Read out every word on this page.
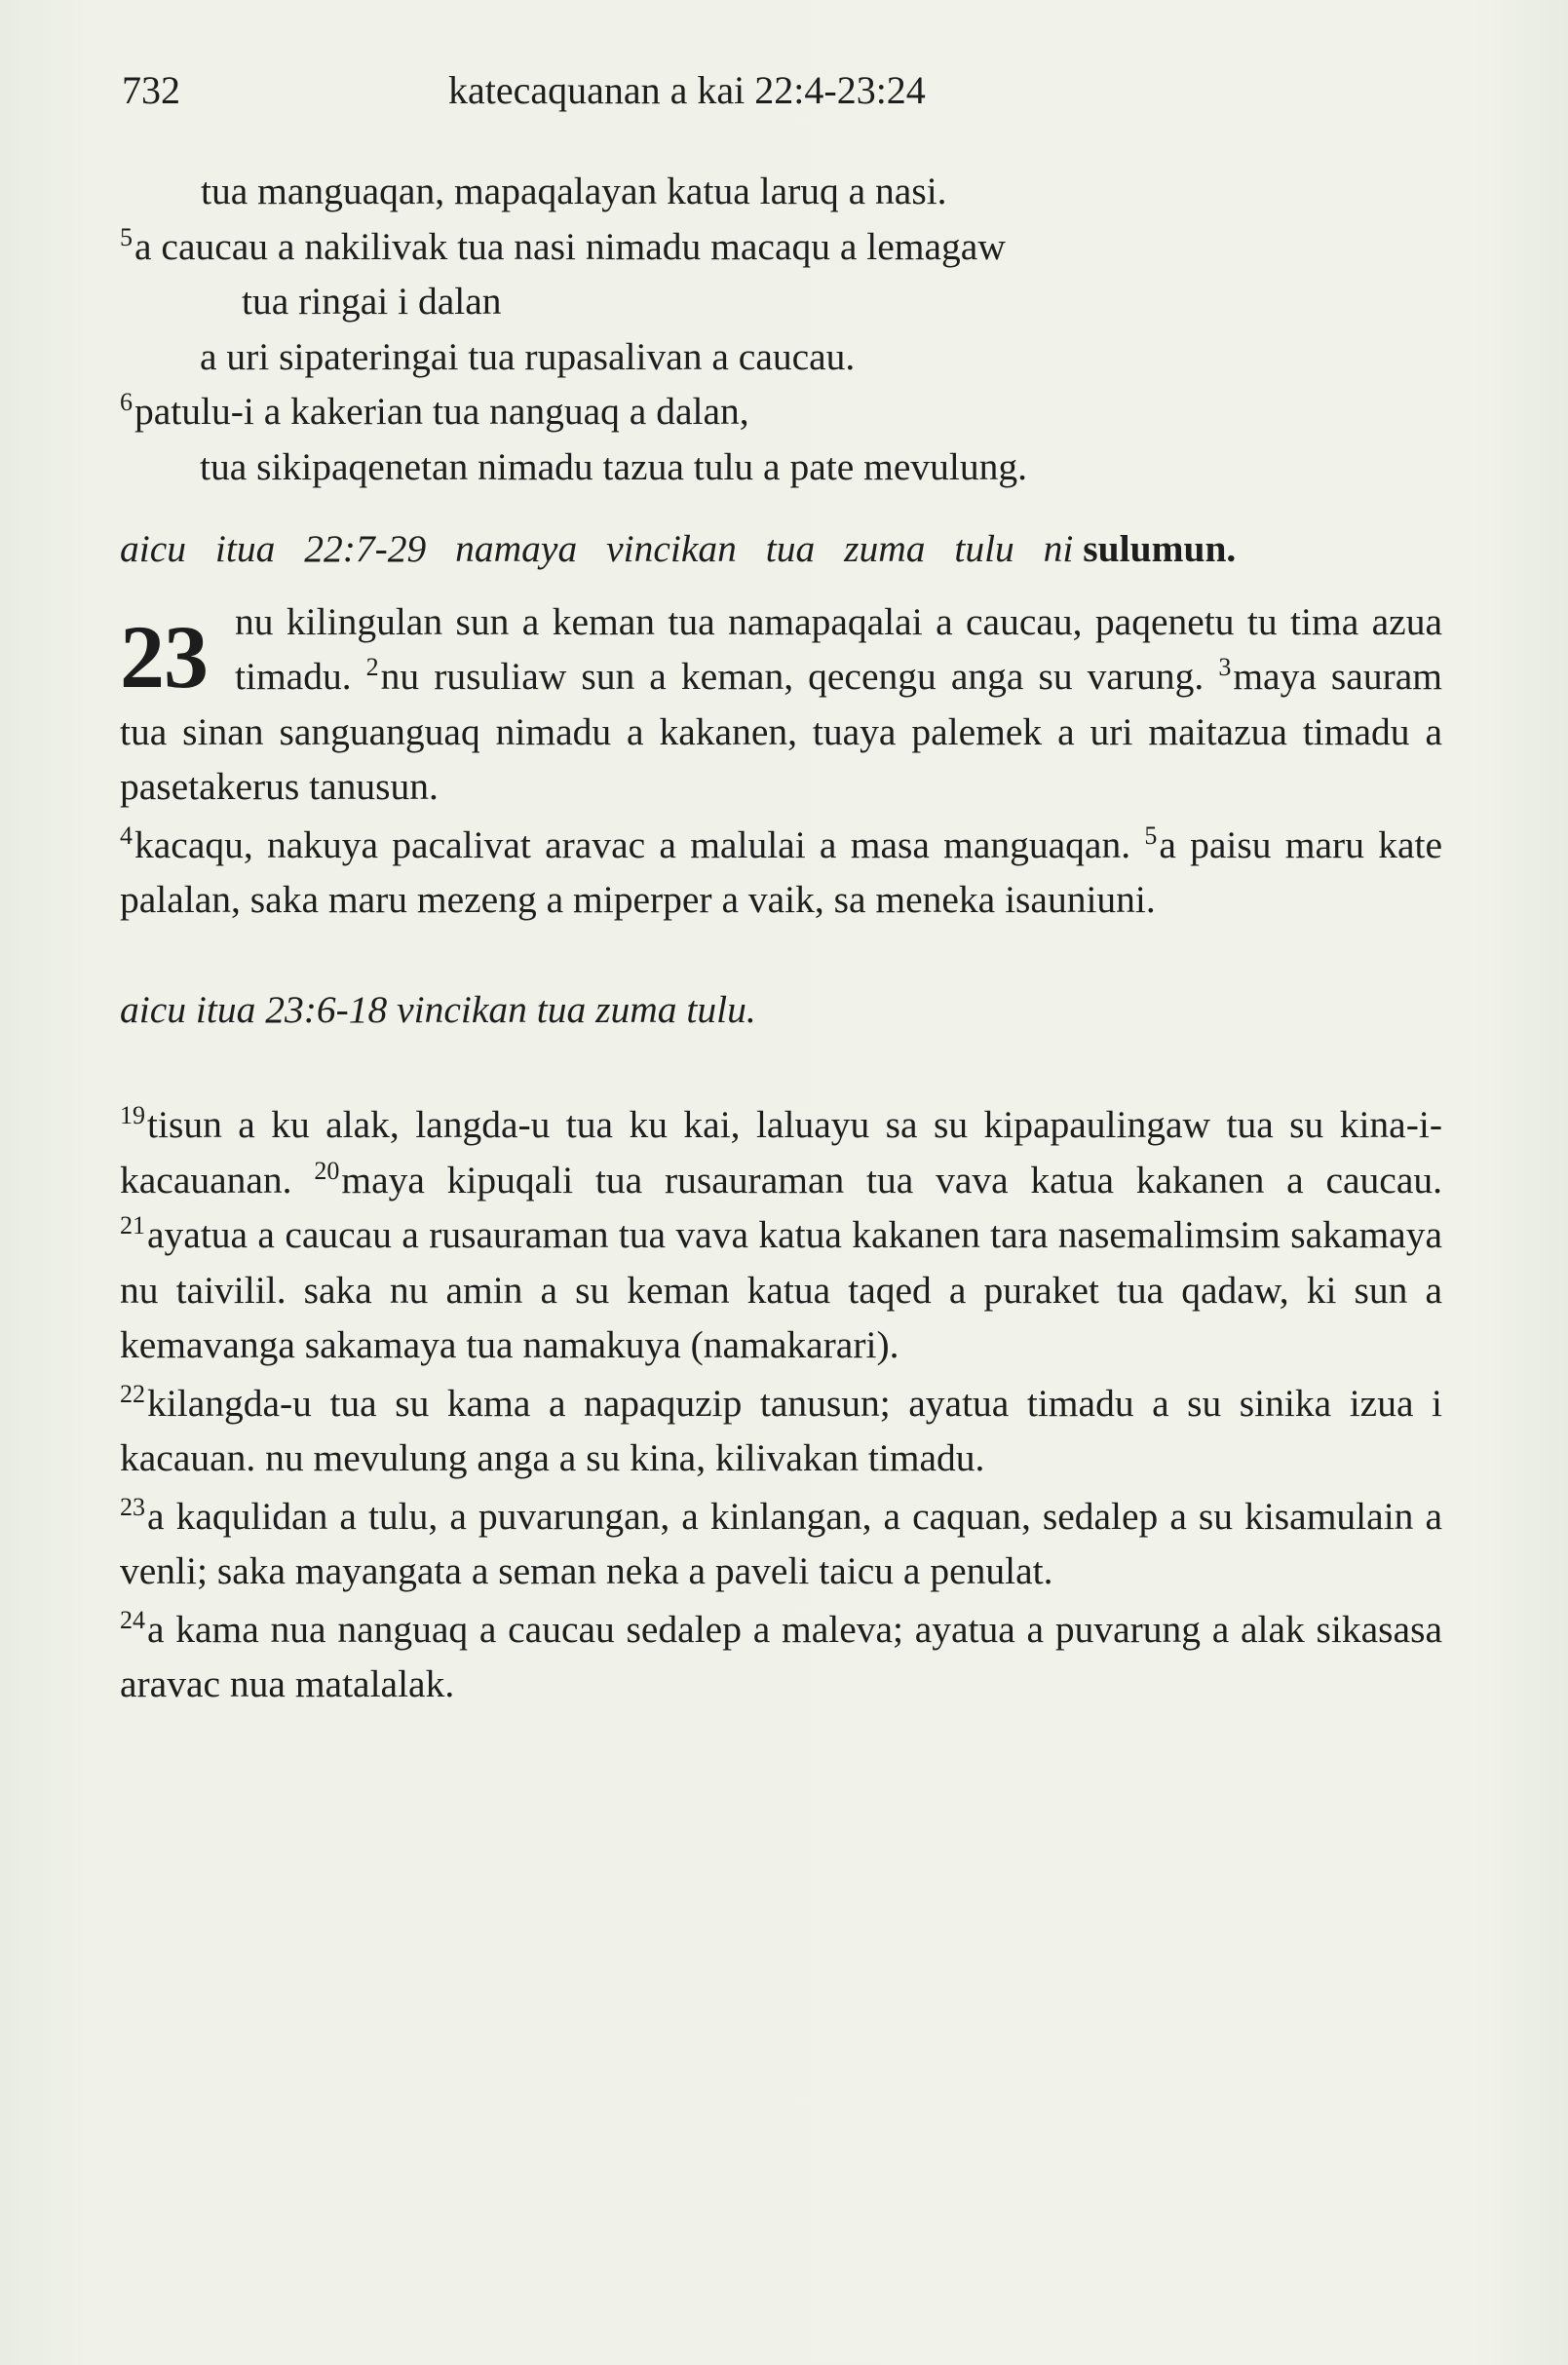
732	katecaquanan a kai 22:4-23:24
tua manguaqan, mapaqalayan katua laruq a nasi.
$^5$a caucau a nakilivak tua nasi nimadu macaqu a lemagaw
tua ringai i dalan
a uri sipateringai tua rupasalivan a caucau.
$^6$patulu-i a kakerian tua nanguaq a dalan,
tua sikipaqenetan nimadu tazua tulu a pate mevulung.
aicu itua 22:7-29 namaya vincikan tua zuma tulu ni sulumun.
23 nu kilingulan sun a keman tua namapaqalai a caucau, paqenetu tu tima azua timadu. $^2$nu rusuliaw sun a keman, qecengu anga su varung. $^3$maya sauram tua sinan sanguanguaq nimadu a kakanen, tuaya palemek a uri maitazua timadu a pasetakerus tanusun.
$^4$kacaqu, nakuya pacalivat aravac a malulai a masa manguaqan. $^5$a paisu maru kate palalan, saka maru mezeng a miperper a vaik, sa meneka isauniuni.
aicu itua 23:6-18 vincikan tua zuma tulu.
$^{19}$tisun a ku alak, langda-u tua ku kai, laluayu sa su kipapaulingaw tua su kina-i-kacauanan. $^{20}$maya kipuqali tua rusauraman tua vava katua kakanen a caucau. $^{21}$ayatua a caucau a rusauraman tua vava katua kakanen tara nasemalimsim sakamaya nu taivilil. saka nu amin a su keman katua taqed a puraket tua qadaw, ki sun a kemavanga sakamaya tua namakuya (namakarari).
$^{22}$kilangda-u tua su kama a napaquzip tanusun; ayatua timadu a su sinika izua i kacauan. nu mevulung anga a su kina, kilivakan timadu.
$^{23}$a kaqulidan a tulu, a puvarungan, a kinlangan, a caquan, sedalep a su kisamulain a venli; saka mayangata a seman neka a paveli taicu a penulat.
$^{24}$a kama nua nanguaq a caucau sedalep a maleva; ayatua a puvarung a alak sikasasa aravac nua matalalak.
